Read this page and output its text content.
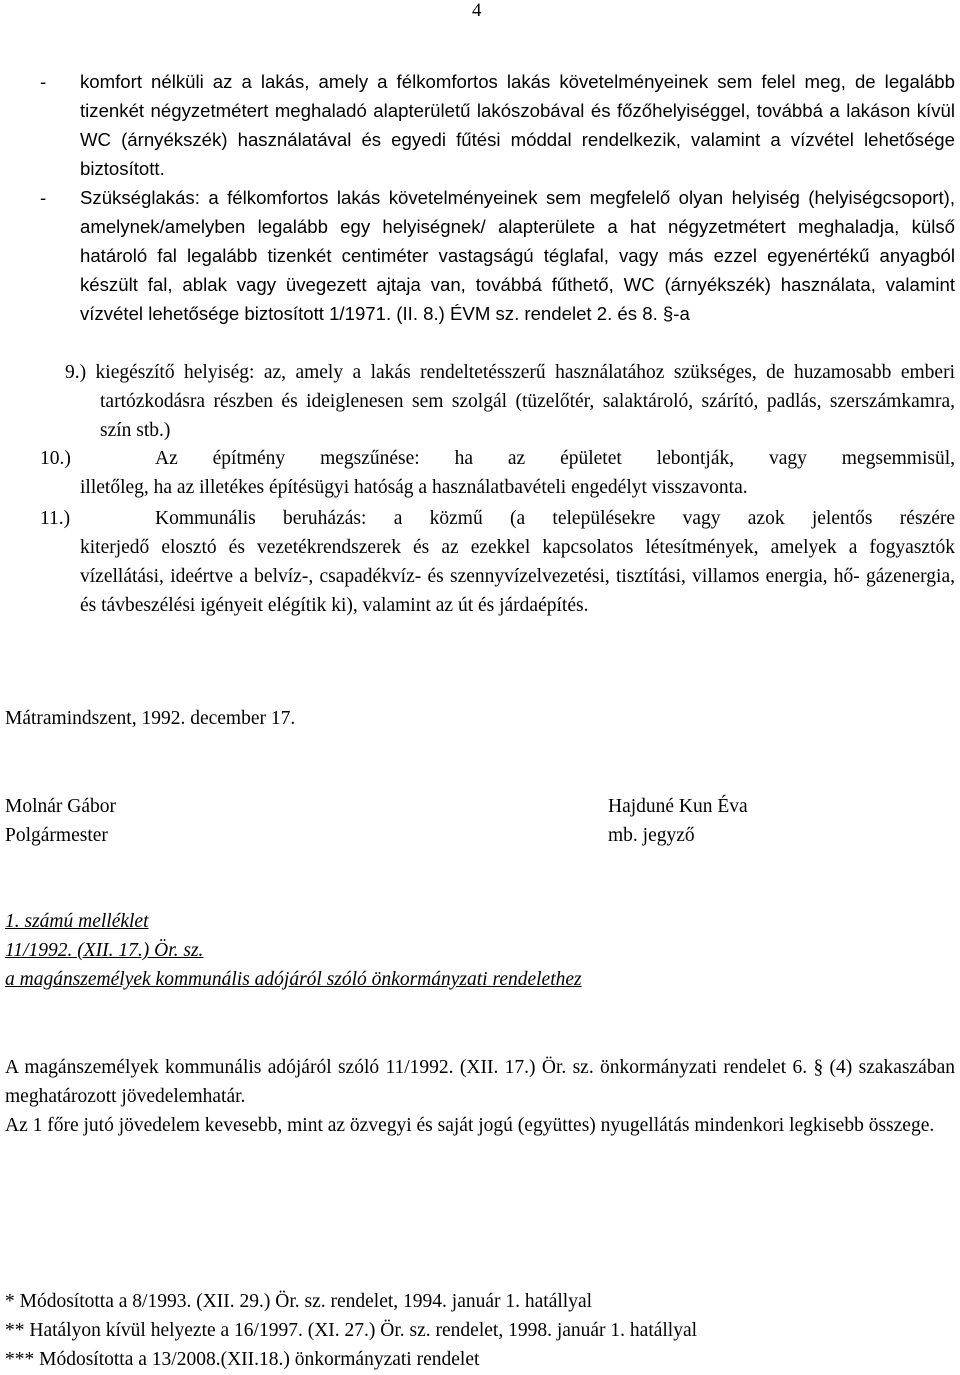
4
-	komfort nélküli az a lakás, amely a félkomfortos lakás követelményeinek sem felel meg, de legalább tizenkét négyzetmétert meghaladó alapterületű lakószobával és főzőhelyiséggel, továbbá a lakáson kívül WC (árnyékszék) használatával és egyedi fűtési móddal rendelkezik, valamint a vízvétel lehetősége biztosított.
-	Szükséglakás: a félkomfortos lakás követelményeinek sem megfelelő olyan helyiség (helyiségcsoport), amelynek/amelyben legalább egy helyiségnek/ alapterülete a hat négyzetmétert meghaladja, külső határoló fal legalább tizenkét centiméter vastagságú téglafal, vagy más ezzel egyenértékű anyagból készült fal, ablak vagy üvegezett ajtaja van, továbbá fűthető, WC (árnyékszék) használata, valamint vízvétel lehetősége biztosított 1/1971. (II. 8.) ÉVM sz. rendelet 2. és 8. §-a
9.) kiegészítő helyiség: az, amely a lakás rendeltetésszerű használatához szükséges, de huzamosabb emberi tartózkodásra részben és ideiglenesen sem szolgál (tüzelőtér, salaktároló, szárító, padlás, szerszámkamra, szín stb.)
10.)	Az építmény megszűnése: ha az épületet lebontják, vagy megsemmisül,
illetőleg, ha az illetékes építésügyi hatóság a használatbavételi engedélyt visszavonta.
11.)	Kommunális beruházás: a közmű (a településekre vagy azok jelentős részére
kiterjedő elosztó és vezetékrendszerek és az ezekkel kapcsolatos létesítmények, amelyek a fogyasztók vízellátási, ideértve a belvíz-, csapadékvíz- és szennyvízelvezetési, tisztítási, villamos energia, hő- gázenergia, és távbeszélési igényeit elégítik ki), valamint az út és járdaépítés.
Mátramindszent, 1992. december 17.
Molnár Gábor
Polgármester
Hajduné Kun Éva
mb. jegyző
1. számú melléklet
11/1992. (XII. 17.) Ör. sz.
a magánszemélyek kommunális adójáról szóló önkormányzati rendelethez
A magánszemélyek kommunális adójáról szóló 11/1992. (XII. 17.) Ör. sz. önkormányzati rendelet 6. § (4) szakaszában meghatározott jövedelemhatár.
Az 1 főre jutó jövedelem kevesebb, mint az özvegyi és saját jogú (együttes) nyugellátás mindenkori legkisebb összege.
* Módosította a 8/1993. (XII. 29.) Ör. sz. rendelet, 1994. január 1. hatállyal
** Hatályon kívül helyezte a 16/1997. (XI. 27.) Ör. sz. rendelet, 1998. január 1. hatállyal
*** Módosította a 13/2008.(XII.18.) önkormányzati rendelet
